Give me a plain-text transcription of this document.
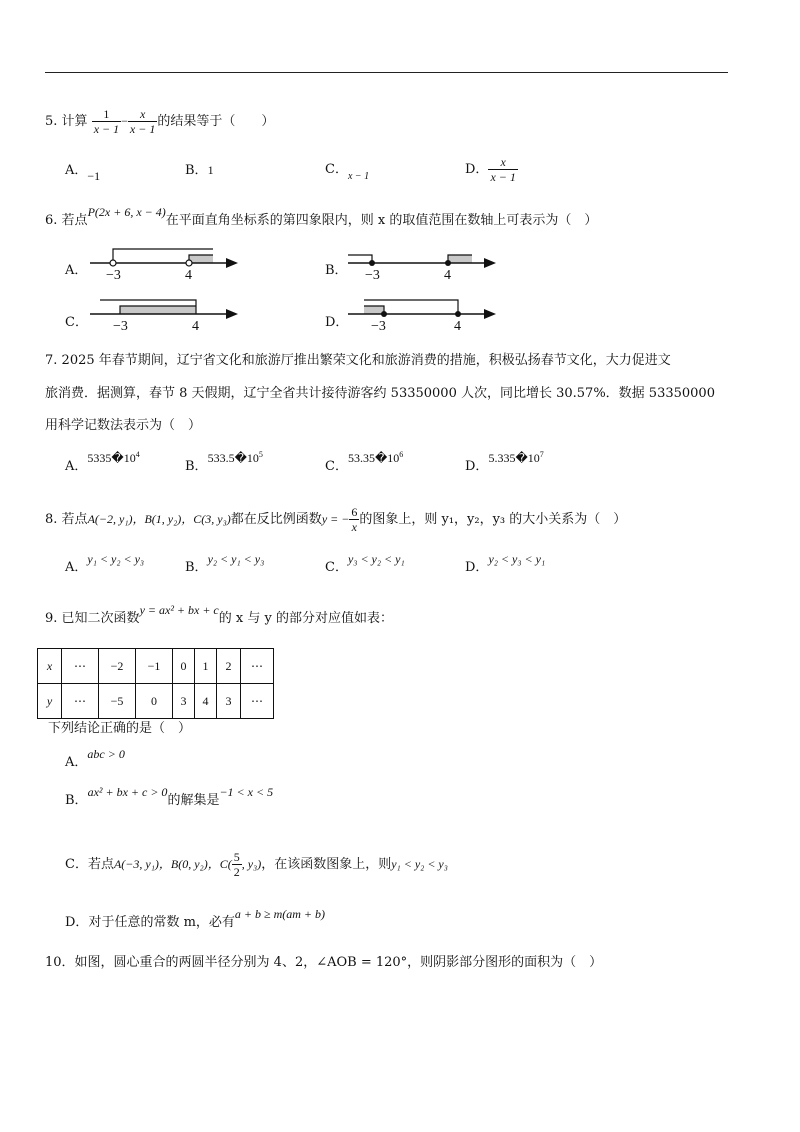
5. 计算 $\frac{1}{x - 1} - \frac{x}{x - 1}$ 的结果等于（　　）
A．−1	B．1	C．$_{x - 1}$	D． $\frac{x}{x - 1}$
6. 若点P(2x + 6, x − 4)在平面直角坐标系的第四象限内，则 x 的取值范围在数轴上可表示为（　）
A． −3	4	B． −3	4
C． −3	4	D． −3	4
7. 2025 年春节期间，辽宁省文化和旅游厅推出繁荣文化和旅游消费的措施，积极弘扬春节文化，大力促进文
旅消费．据测算，春节 8 天假期，辽宁全省共计接待游客约 53350000 人次，同比增长 30.57%．数据 53350000
用科学记数法表示为（　）
A．$5335�10^4$
B．$533.5�10^5$
C．$53.35�10^6$
D．$5.335�10^7$
8. 若点A(−2, y₁)，B(1, y₂)，C(3, y₃)都在反比例函数y = − $\frac{6}{x}$ 的图象上，则 y₁，y₂，y₃ 的大小关系为（　）
A．y₁ < y₂ < y₃
B．y₂ < y₁ < y₃
C．y₃ < y₂ < y₁
D．y₂ < y₃ < y₁
9. 已知二次函数y = ax² + bx + c的 x 与 y 的部分对应值如表：
x	⋯	−2	−1	0	1	2	⋯
y	⋯	−5	0	3	4	3	⋯
下列结论正确的是（　）
A．abc > 0
B．ax² + bx + c > 0的解集是−1 < x < 5
C．若点A(−3, y₁)，B(0, y₂)，$C( \frac{5}{2}$ , y₃)，在该函数图象上，则y₁ < y₂ < y₃
D．对于任意的常数 m，必有a + b ≥ m(am + b)
10．如图，圆心重合的两圆半径分别为 4、2，∠AOB = 120°，则阴影部分图形的面积为（　）
